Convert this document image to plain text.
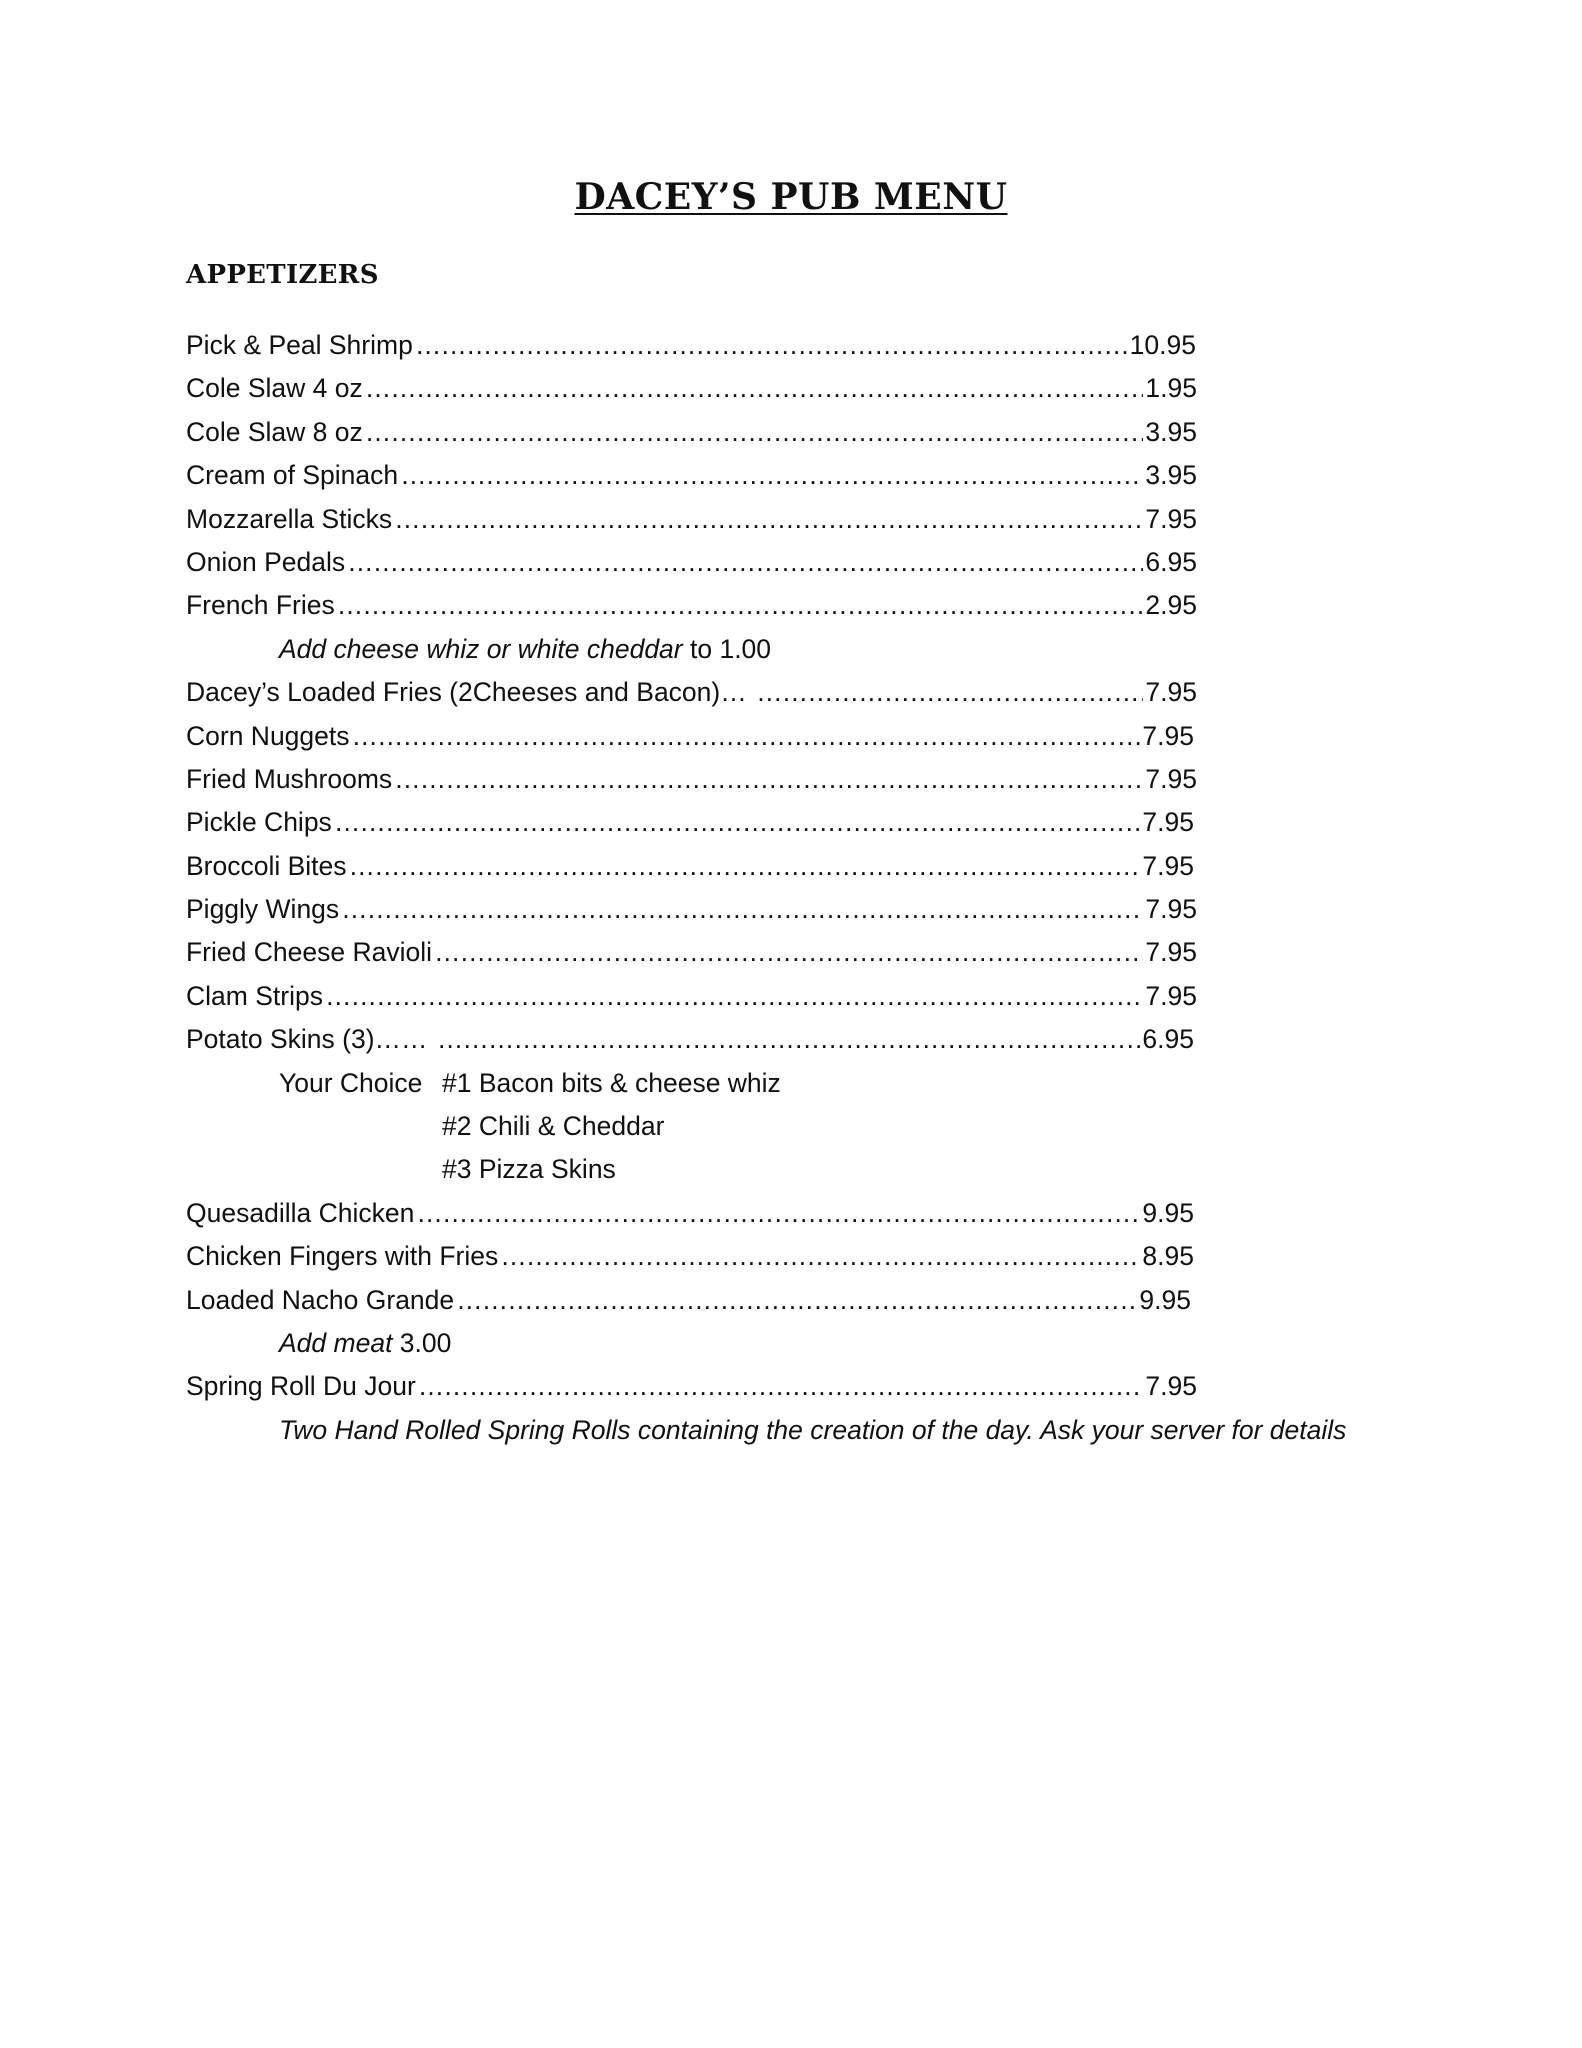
DACEY’S PUB MENU
APPETIZERS
Pick & Peal Shrimp …………………………………………………………………………………………………………………………………………………………………………………………………………	10.95
Cole Slaw 4 oz …………………………………………………………………………………………………………………………………………………………………………………………………………	1.95
Cole Slaw 8 oz …………………………………………………………………………………………………………………………………………………………………………………………………………	3.95
Cream of Spinach …………………………………………………………………………………………………………………………………………………………………………………………………………	3.95
Mozzarella Sticks …………………………………………………………………………………………………………………………………………………………………………………………………………	7.95
Onion Pedals …………………………………………………………………………………………………………………………………………………………………………………………………………	6.95
French Fries …………………………………………………………………………………………………………………………………………………………………………………………………………	2.95
Add cheese whiz or white cheddar to 1.00
Dacey’s Loaded Fries (2Cheeses and Bacon)… …………………………………………………………………………………………………………………………………………………………………………………………………………	7.95
Corn Nuggets …………………………………………………………………………………………………………………………………………………………………………………………………………	7.95
Fried Mushrooms …………………………………………………………………………………………………………………………………………………………………………………………………………	7.95
Pickle Chips …………………………………………………………………………………………………………………………………………………………………………………………………………	7.95
Broccoli Bites …………………………………………………………………………………………………………………………………………………………………………………………………………	7.95
Piggly Wings …………………………………………………………………………………………………………………………………………………………………………………………………………	7.95
Fried Cheese Ravioli …………………………………………………………………………………………………………………………………………………………………………………………………………	7.95
Clam Strips …………………………………………………………………………………………………………………………………………………………………………………………………………	7.95
Potato Skins (3)…… …………………………………………………………………………………………………………………………………………………………………………………………………………	6.95
Your Choice #1 Bacon bits & cheese whiz
#2 Chili & Cheddar
#3 Pizza Skins
Quesadilla Chicken …………………………………………………………………………………………………………………………………………………………………………………………………………	9.95
Chicken Fingers with Fries …………………………………………………………………………………………………………………………………………………………………………………………………………	8.95
Loaded Nacho Grande …………………………………………………………………………………………………………………………………………………………………………………………………………	9.95
Add meat 3.00
Spring Roll Du Jour …………………………………………………………………………………………………………………………………………………………………………………………………………	7.95
Two Hand Rolled Spring Rolls containing the creation of the day. Ask your server for details
